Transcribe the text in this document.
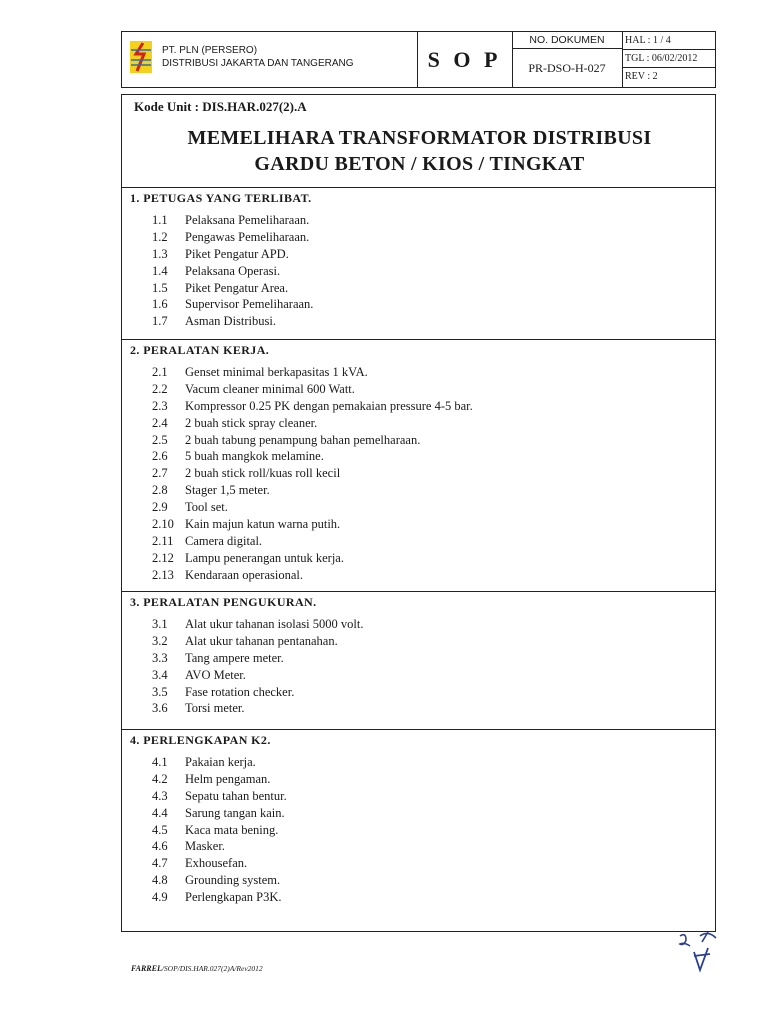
PT. PLN (PERSERO)
DISTRIBUSI JAKARTA DAN TANGERANG	S O P
NO. DOKUMEN
PR-DSO-H-027
HAL : 1 / 4
TGL : 06/02/2012
REV : 2
Kode Unit : DIS.HAR.027(2).A
MEMELIHARA TRANSFORMATOR DISTRIBUSI
GARDU BETON / KIOS / TINGKAT
1. PETUGAS YANG TERLIBAT.
1.1	Pelaksana Pemeliharaan.
1.2	Pengawas Pemeliharaan.
1.3	Piket Pengatur APD.
1.4	Pelaksana Operasi.
1.5	Piket Pengatur Area.
1.6	Supervisor Pemeliharaan.
1.7	Asman Distribusi.
2. PERALATAN KERJA.
2.1	Genset minimal berkapasitas 1 kVA.
2.2	Vacum cleaner minimal 600 Watt.
2.3	Kompressor 0.25 PK dengan pemakaian pressure 4-5 bar.
2.4	2 buah stick spray cleaner.
2.5	2 buah tabung penampung bahan pemelharaan.
2.6	5 buah mangkok melamine.
2.7	2 buah stick roll/kuas roll kecil
2.8	Stager 1,5 meter.
2.9	Tool set.
2.10 Kain majun katun warna putih.
2.11 Camera digital.
2.12 Lampu penerangan untuk kerja.
2.13 Kendaraan operasional.
3. PERALATAN PENGUKURAN.
3.1	Alat ukur tahanan isolasi 5000 volt.
3.2	Alat ukur tahanan pentanahan.
3.3	Tang ampere meter.
3.4	AVO Meter.
3.5	Fase rotation checker.
3.6	Torsi meter.
4. PERLENGKAPAN K2.
4.1	Pakaian kerja.
4.2	Helm pengaman.
4.3	Sepatu tahan bentur.
4.4	Sarung tangan kain.
4.5	Kaca mata bening.
4.6	Masker.
4.7	Exhousefan.
4.8	Grounding system.
4.9	Perlengkapan P3K.
FARREL/SOP/DIS.HAR.027(2)A/Rev2012
